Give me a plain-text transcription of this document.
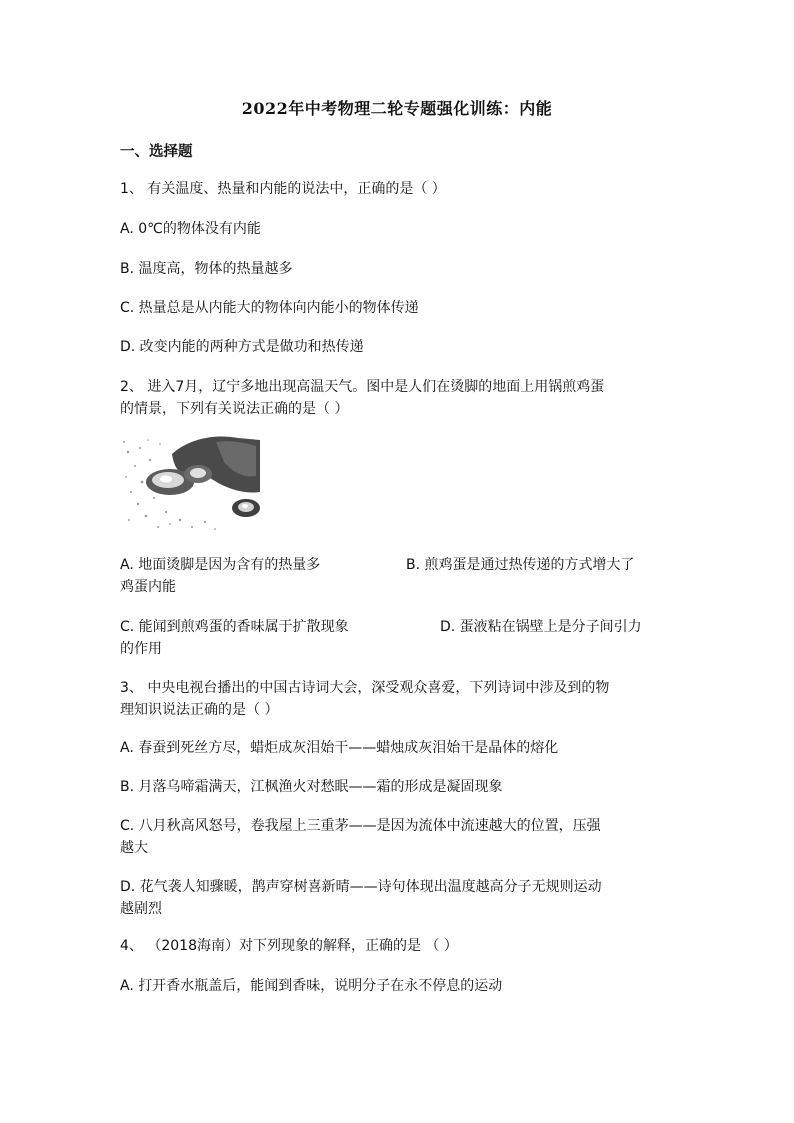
2022年中考物理二轮专题强化训练：内能
一、选择题
1、 有关温度、热量和内能的说法中，正确的是（ ）
A. 0℃的物体没有内能
B. 温度高，物体的热量越多
C. 热量总是从内能大的物体向内能小的物体传递
D. 改变内能的两种方式是做功和热传递
2、 进入7月，辽宁多地出现高温天气。图中是人们在烫脚的地面上用锅煎鸡蛋
的情景，下列有关说法正确的是（ ）
A. 地面烫脚是因为含有的热量多	B. 煎鸡蛋是通过热传递的方式增大了
鸡蛋内能
C. 能闻到煎鸡蛋的香味属于扩散现象	D. 蛋液粘在锅壁上是分子间引力
的作用
3、 中央电视台播出的中国古诗词大会，深受观众喜爱，下列诗词中涉及到的物
理知识说法正确的是（ ）
A. 春蚕到死丝方尽，蜡炬成灰泪始干——蜡烛成灰泪始干是晶体的熔化
B. 月落乌啼霜满天，江枫渔火对愁眠——霜的形成是凝固现象
C. 八月秋高风怒号，卷我屋上三重茅——是因为流体中流速越大的位置，压强
越大
D. 花气袭人知骤暖，鹊声穿树喜新晴——诗句体现出温度越高分子无规则运动
越剧烈
4、 （2018海南）对下列现象的解释，正确的是 （ ）
A. 打开香水瓶盖后，能闻到香味，说明分子在永不停息的运动
